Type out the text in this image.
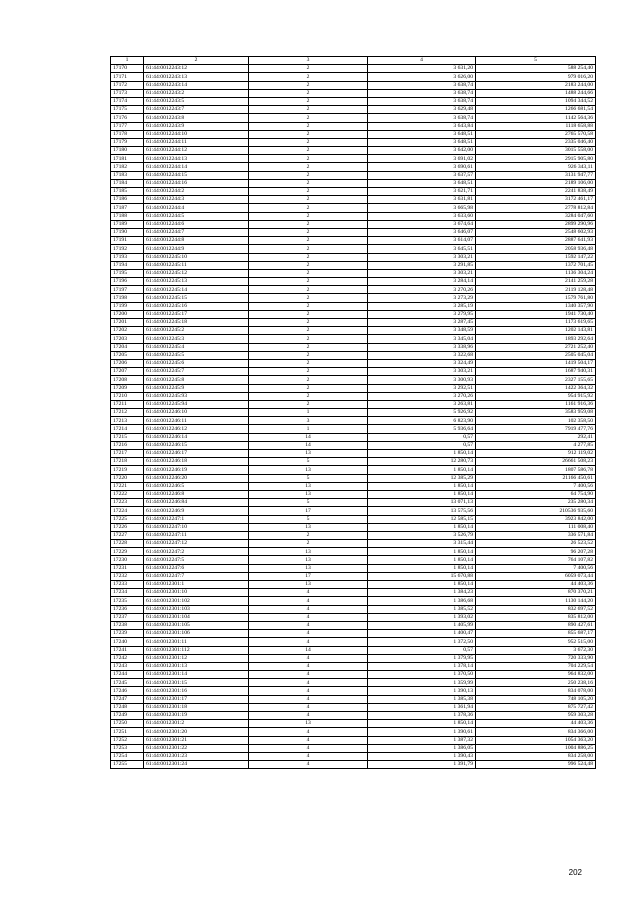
1	2	3	4	5
17170	61:44:0012243:12	2	3 631,20	588 254,40
17171	61:44:0012243:13	2	3 626,00	979 016,20
17172	61:44:0012243:14	2	3 638,74	2183 244,00
17173	61:44:0012243:2	2	3 638,74	1488 244,66
17174	61:44:0012243:5	2	3 638,74	1094 344,52
17175	61:44:0012243:7	2	3 629,48	1266 681,54
17176	61:44:0012243:8	2	3 638,74	1142 564,36
17177	61:44:0012243:9	2	3 643,84	1118 658,88
17178	61:44:0012244:10	2	3 648,51	2765 570,58
17179	61:44:0012244:11	2	3 648,51	2335 046,40
17180	61:44:0012244:12	2	3 642,00	3015 558,00
17181	61:44:0012244:13	2	3 691,02	2915 905,80
17182	61:44:0012244:14	2	3 690,61	926 343,11
17183	61:44:0012244:15	2	3 637,57	3131 947,77
17184	61:44:0012244:16	2	3 648,51	2189 106,00
17185	61:44:0012244:2	2	3 621,71	2241 838,49
17186	61:44:0012244:3	2	3 631,81	3172 461,17
17187	61:44:0012244:4	2	3 665,98	2778 812,84
17188	61:44:0012244:5	2	3 633,60	3284 047,60
17189	61:44:0012244:6	2	3 674,64	2899 290,96
17190	61:44:0012244:7	2	3 646,07	2548 602,93
17191	61:44:0012244:8	2	3 614,07	2887 641,93
17192	61:44:0012244:9	2	3 645,51	2058 936,48
17193	61:44:0012245:10	2	3 303,21	1592 147,22
17194	61:44:0012245:11	2	3 291,85	1372 701,45
17195	61:44:0012245:12	2	3 303,21	1136 304,24
17196	61:44:0012245:13	2	3 284,14	2141 259,28
17197	61:44:0012245:14	2	3 270,26	2119 128,48
17198	61:44:0012245:15	2	3 273,29	1579 761,80
17199	61:44:0012245:16	2	3 285,19	1340 357,90
17200	61:44:0012245:17	2	3 279,95	1941 730,40
17201	61:44:0012245:18	2	3 287,45	1173 619,65
17202	61:44:0012245:2	2	3 348,59	1202 143,81
17203	61:44:0012245:3	2	3 345,04	1893 292,64
17204	61:44:0012245:4	2	3 338,96	2721 252,40
17205	61:44:0012245:5	2	3 322,68	2505 045,04
17206	61:44:0012245:6	2	3 324,49	1419 504,17
17207	61:44:0012245:7	2	3 303,21	1687 940,31
17208	61:44:0012245:8	2	3 300,93	2327 155,65
17209	61:44:0012245:9	2	3 292,51	1422 364,32
17210	61:44:0012245:93	2	3 270,26	954 915,92
17211	61:44:0012245:94	2	3 263,81	1161 916,36
17212	61:44:0012246:10	1	5 926,92	3583 959,08
17213	61:44:0012246:11	3	6 823,90	102 358,50
17214	61:44:0012246:12	1	5 936,64	7919 477,76
17215	61:44:0012246:14	14	0,57	292,41
17216	61:44:0012246:15	14	0,57	4 277,85
17217	61:44:0012246:17	13	1 850,14	912 119,02
17218	61:44:0012246:18	5	12 280,73	26661 508,23
17219	61:44:0012246:19	13	1 850,14	1807 586,78
17220	61:44:0012246:20	5	12 385,29	21166 450,61
17221	61:44:0012246:5	13	1 850,14	7 400,56
17222	61:44:0012246:8	13	1 850,14	64 754,90
17223	61:44:0012246:84	5	13 071,13	235 280,34
17224	61:44:0012246:9	17	13 575,56	210536 935,60
17225	61:44:0012247:1	5	12 585,15	3923 842,00
17226	61:44:0012247:10	13	1 850,14	111 008,40
17227	61:44:0012247:11	2	3 526,79	336 571,84
17228	61:44:0012247:12	2	3 315,44	26 523,52
17229	61:44:0012247:2	13	1 850,14	96 207,28
17230	61:44:0012247:5	13	1 850,14	764 107,82
17231	61:44:0012247:6	13	1 850,14	7 400,56
17232	61:44:0012247:7	17	15 670,88	6059 073,44
17233	61:44:0012301:1	13	1 850,14	44 403,36
17234	61:44:0012301:10	4	1 384,23	870 370,21
17235	61:44:0012301:102	4	1 386,68	1130 144,20
17236	61:44:0012301:103	4	1 385,52	832 697,52
17237	61:44:0012301:104	4	1 393,02	835 812,00
17238	61:44:0012301:105	4	1 405,99	890 427,61
17239	61:44:0012301:106	4	1 400,47	855 687,17
17240	61:44:0012301:11	4	1 372,50	952 515,00
17241	61:44:0012301:112	14	0,57	3 672,30
17242	61:44:0012301:12	4	1 379,95	720 333,90
17243	61:44:0012301:13	4	1 378,14	704 229,54
17244	61:44:0012301:14	4	1 370,50	964 832,00
17245	61:44:0012301:15	4	1 359,99	250 238,16
17246	61:44:0012301:16	4	1 390,13	834 078,00
17247	61:44:0012301:17	4	1 385,38	748 105,20
17248	61:44:0012301:18	4	1 361,94	875 727,42
17249	61:44:0012301:19	4	1 378,36	959 303,28
17250	61:44:0012301:2	13	1 850,14	44 403,36
17251	61:44:0012301:20	4	1 390,61	834 366,00
17252	61:44:0012301:21	4	1 387,32	1054 363,20
17253	61:44:0012301:22	4	1 386,05	1004 886,25
17254	61:44:0012301:23	4	1 390,43	834 258,00
17255	61:44:0012301:24	4	1 391,79	996 524,48
202
